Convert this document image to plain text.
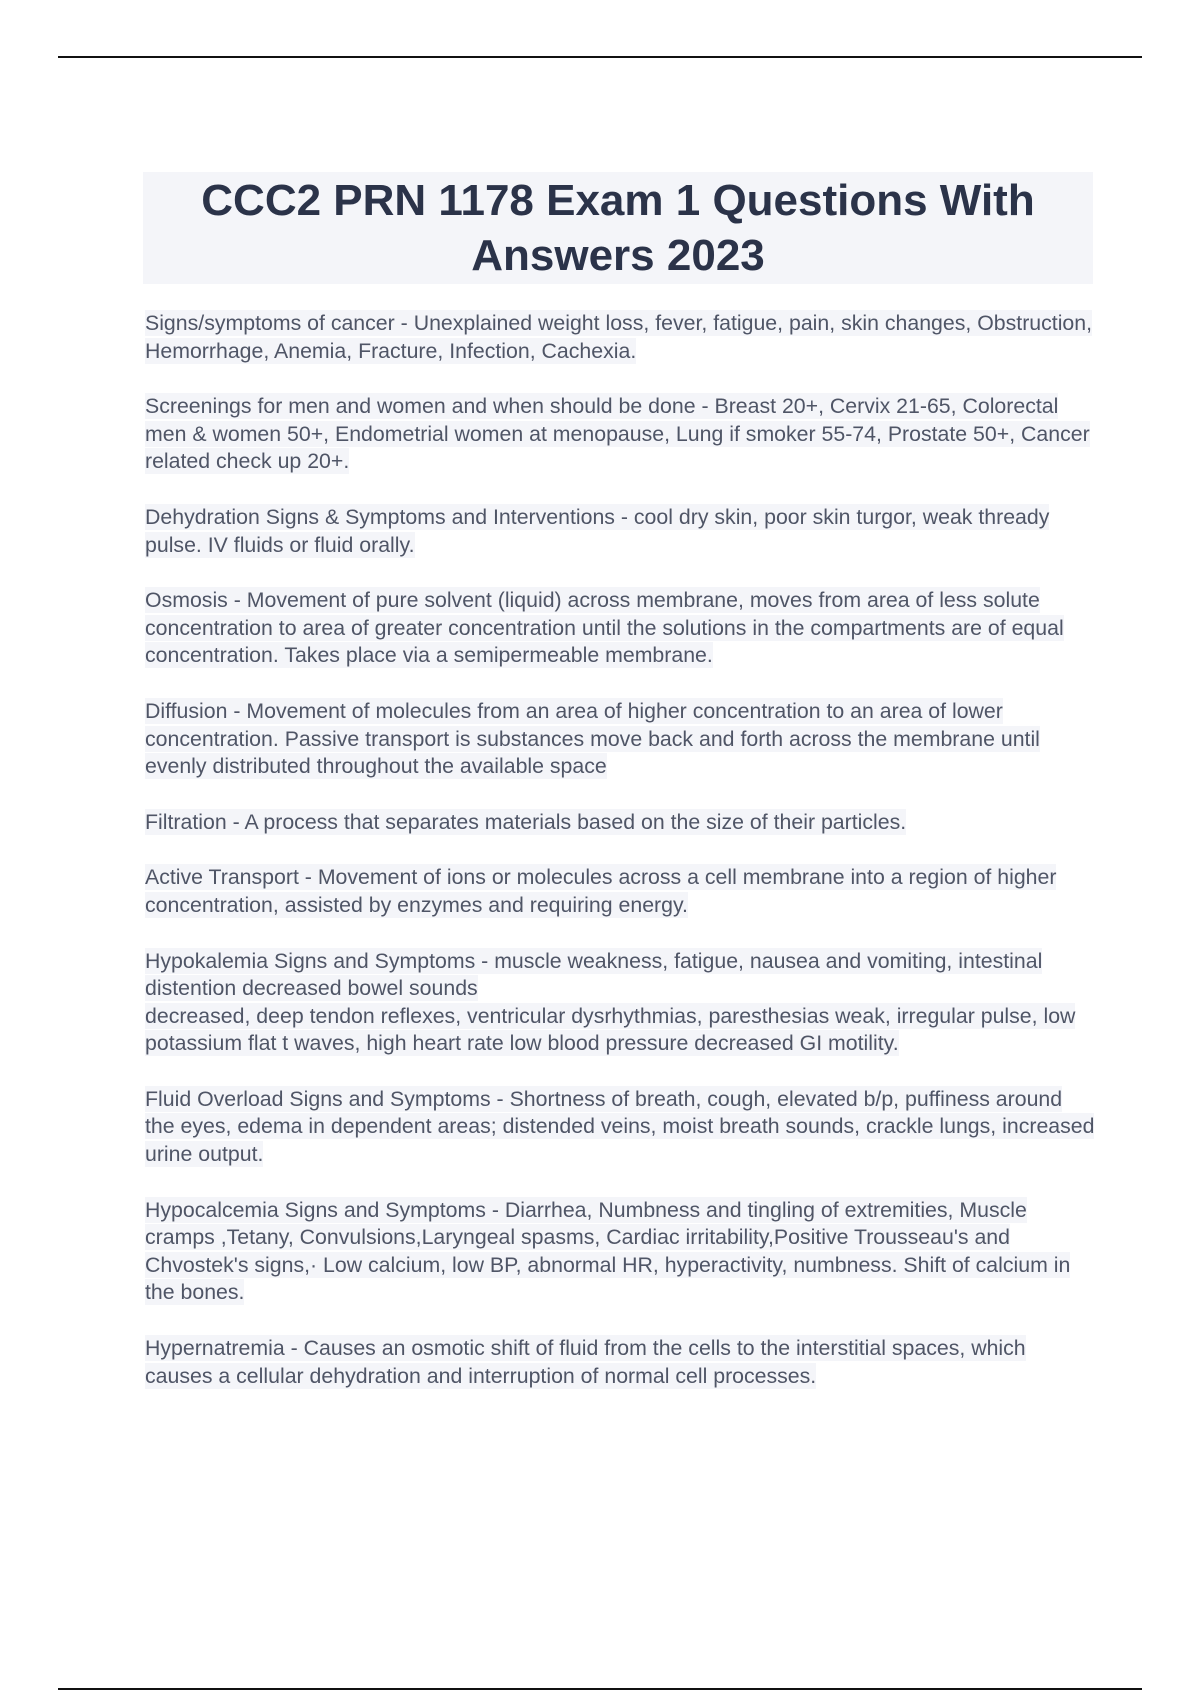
CCC2 PRN 1178 Exam 1 Questions With Answers 2023

Signs/symptoms of cancer - Unexplained weight loss, fever, fatigue, pain, skin changes, Obstruction, Hemorrhage, Anemia, Fracture, Infection, Cachexia.

Screenings for men and women and when should be done - Breast 20+, Cervix 21-65, Colorectal men & women 50+, Endometrial women at menopause, Lung if smoker 55-74, Prostate 50+, Cancer related check up 20+.

Dehydration Signs & Symptoms and Interventions - cool dry skin, poor skin turgor, weak thready pulse. IV fluids or fluid orally.

Osmosis - Movement of pure solvent (liquid) across membrane, moves from area of less solute concentration to area of greater concentration until the solutions in the compartments are of equal concentration. Takes place via a semipermeable membrane.

Diffusion - Movement of molecules from an area of higher concentration to an area of lower concentration. Passive transport is substances move back and forth across the membrane until evenly distributed throughout the available space

Filtration - A process that separates materials based on the size of their particles.

Active Transport - Movement of ions or molecules across a cell membrane into a region of higher concentration, assisted by enzymes and requiring energy.

Hypokalemia Signs and Symptoms - muscle weakness, fatigue, nausea and vomiting, intestinal distention decreased bowel sounds
decreased, deep tendon reflexes, ventricular dysrhythmias, paresthesias weak, irregular pulse, low potassium flat t waves, high heart rate low blood pressure decreased GI motility.

Fluid Overload Signs and Symptoms - Shortness of breath, cough, elevated b/p, puffiness around the eyes, edema in dependent areas; distended veins, moist breath sounds, crackle lungs, increased urine output.

Hypocalcemia Signs and Symptoms - Diarrhea, Numbness and tingling of extremities, Muscle cramps ,Tetany, Convulsions,Laryngeal spasms, Cardiac irritability,Positive Trousseau's and Chvostek's signs,· Low calcium, low BP, abnormal HR, hyperactivity, numbness. Shift of calcium in the bones.

Hypernatremia - Causes an osmotic shift of fluid from the cells to the interstitial spaces, which causes a cellular dehydration and interruption of normal cell processes.
